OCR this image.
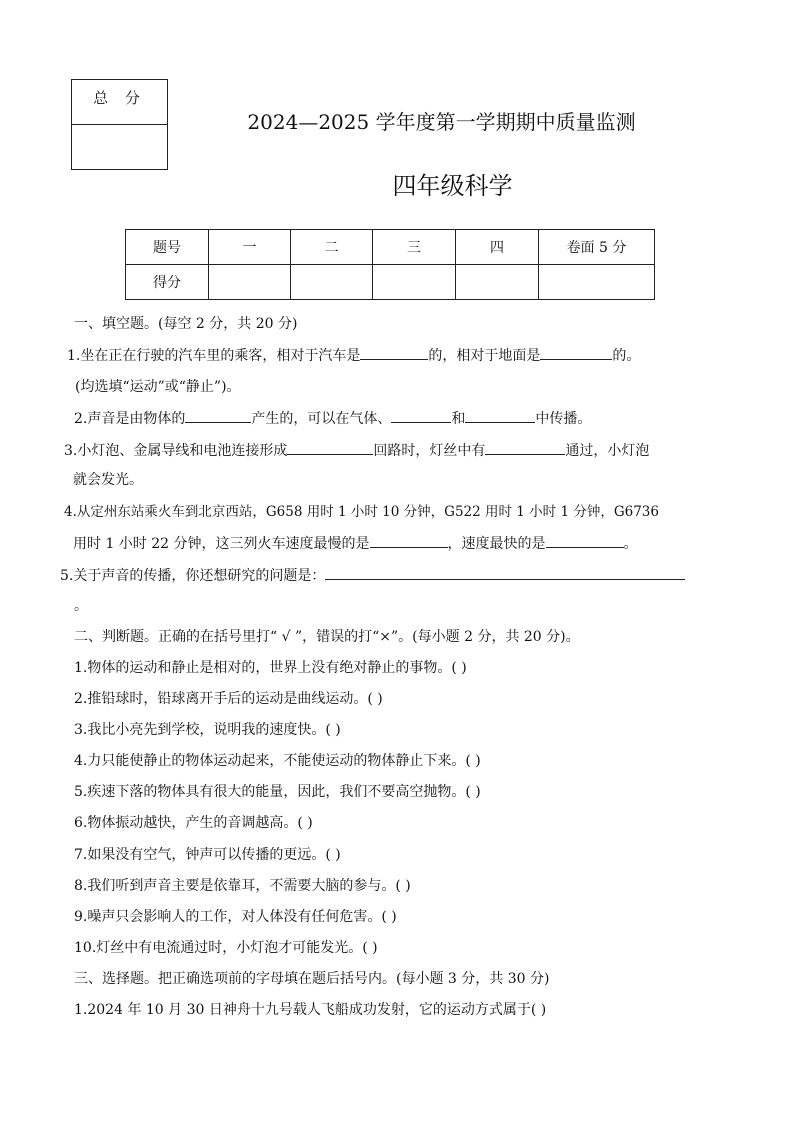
总 分
2024—2025 学年度第一学期期中质量监测
四年级科学
题号	一	二	三	四	卷面 5 分
得分					
一、填空题。(每空 2 分，共 20 分)
1.坐在正在行驶的汽车里的乘客，相对于汽车是	的，相对于地面是	的。
(均选填“运动”或“静止”)。
2.声音是由物体的	产生的，可以在气体、	和	中传播。
3.小灯泡、金属导线和电池连接形成	回路时，灯丝中有	通过，小灯泡
就会发光。
4.从定州东站乘火车到北京西站，G658 用时 1 小时 10 分钟，G522 用时 1 小时 1 分钟，G6736
用时 1 小时 22 分钟，这三列火车速度最慢的是	，速度最快的是	。
5.关于声音的传播，你还想研究的问题是：
。
二、判断题。正确的在括号里打“ √ ”，错误的打“×”。(每小题 2 分，共 20 分)。
1.物体的运动和静止是相对的，世界上没有绝对静止的事物。( )
2.推铅球时，铅球离开手后的运动是曲线运动。( )
3.我比小亮先到学校，说明我的速度快。( )
4.力只能使静止的物体运动起来，不能使运动的物体静止下来。( )
5.疾速下落的物体具有很大的能量，因此，我们不要高空抛物。( )
6.物体振动越快，产生的音调越高。( )
7.如果没有空气，钟声可以传播的更远。( )
8.我们听到声音主要是依靠耳，不需要大脑的参与。( )
9.噪声只会影响人的工作，对人体没有任何危害。( )
10.灯丝中有电流通过时，小灯泡才可能发光。( )
三、选择题。把正确选项前的字母填在题后括号内。(每小题 3 分，共 30 分)
1.2024 年 10 月 30 日神舟十九号载人飞船成功发射，它的运动方式属于( )
